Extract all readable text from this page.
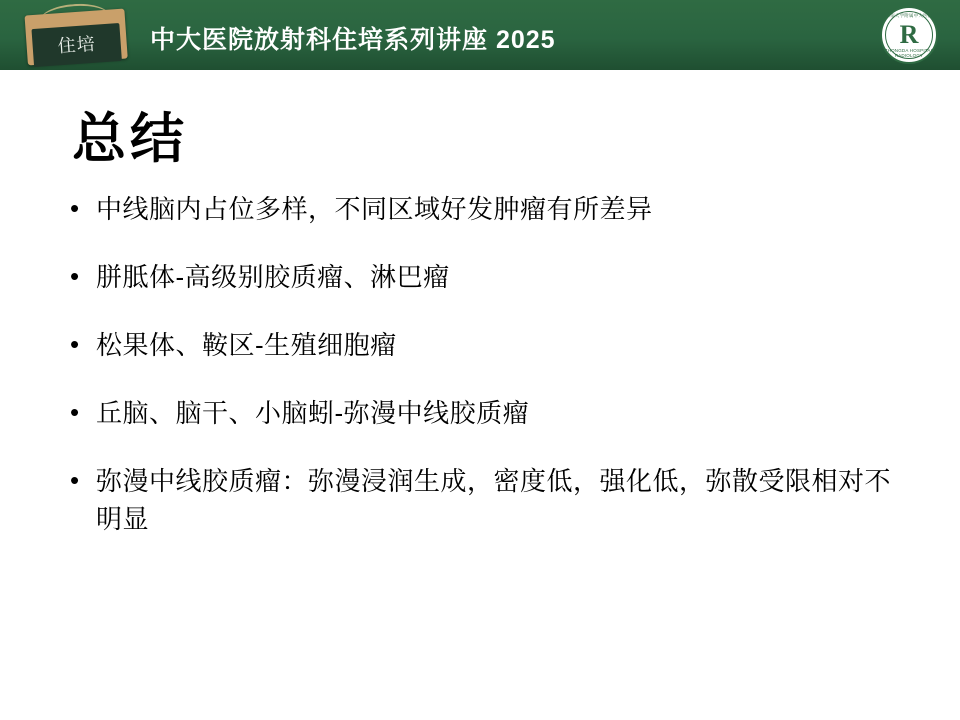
住培	中大医院放射科住培系列讲座 2025
东南大学附属中大医院
R
ZHONGDA HOSPITAL RADIOLOGY
总结
• 中线脑内占位多样，不同区域好发肿瘤有所差异
• 胼胝体-高级别胶质瘤、淋巴瘤
• 松果体、鞍区-生殖细胞瘤
• 丘脑、脑干、小脑蚓-弥漫中线胶质瘤
• 弥漫中线胶质瘤：弥漫浸润生成，密度低，强化低，弥散受限相对不明显
